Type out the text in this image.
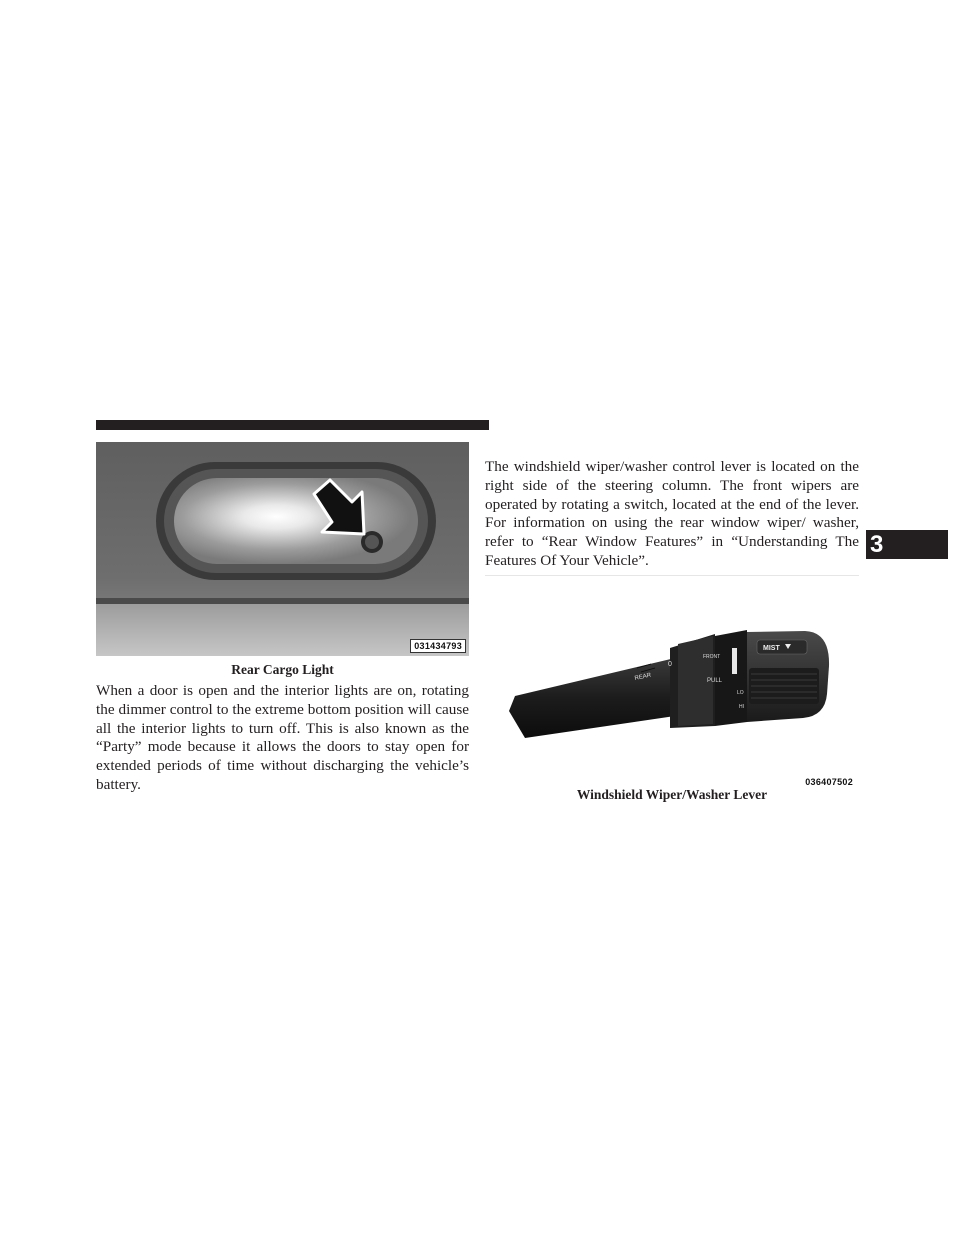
031434793
Rear Cargo Light

When a door is open and the interior lights are on, rotating the dimmer control to the extreme bottom position will cause all the interior lights to turn off. This is also known as the “Party” mode because it allows the doors to stay open for extended periods of time without discharging the vehicle’s battery.

The windshield wiper/washer control lever is located on the right side of the steering column. The front wipers are operated by rotating a switch, located at the end of the lever. For information on using the rear window wiper/ washer, refer to “Rear Window Features” in “Understanding The Features Of Your Vehicle”.

REAR
0
FRONT
PULL
MIST
LO
HI
036407502
Windshield Wiper/Washer Lever
3
